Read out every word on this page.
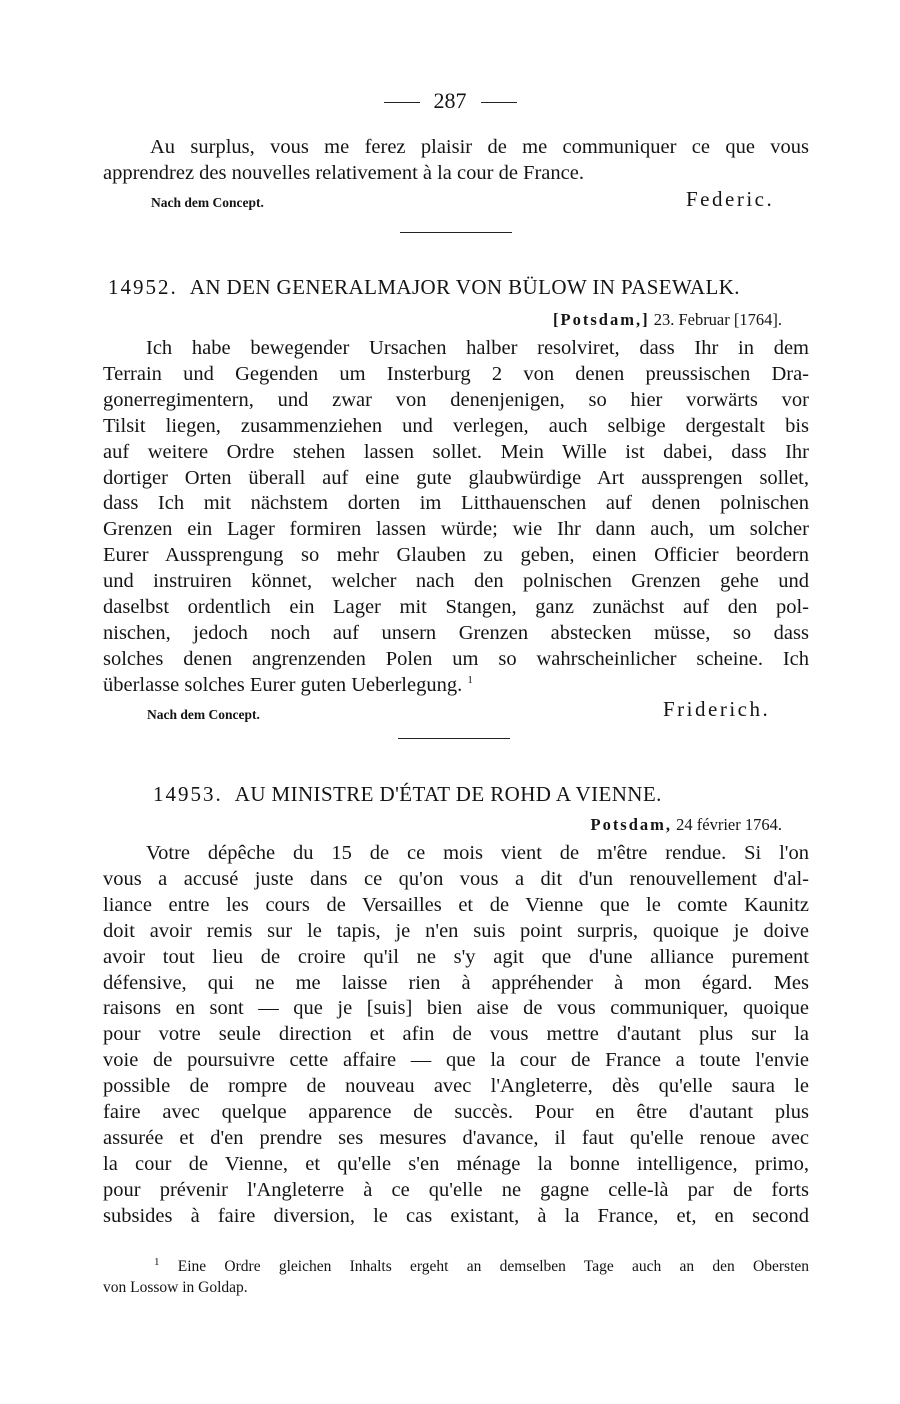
287
Au surplus, vous me ferez plaisir de me communiquer ce que vous
apprendrez des nouvelles relativement à la cour de France.
Nach dem Concept.	Federic.
14952. AN DEN GENERALMAJOR VON BÜLOW IN PASEWALK.
[Potsdam,] 23. Februar [1764].
Ich habe bewegender Ursachen halber resolviret, dass Ihr in dem
Terrain und Gegenden um Insterburg 2 von denen preussischen Dra-
gonerregimentern, und zwar von denenjenigen, so hier vorwärts vor
Tilsit liegen, zusammenziehen und verlegen, auch selbige dergestalt bis
auf weitere Ordre stehen lassen sollet. Mein Wille ist dabei, dass Ihr
dortiger Orten überall auf eine gute glaubwürdige Art aussprengen sollet,
dass Ich mit nächstem dorten im Litthauenschen auf denen polnischen
Grenzen ein Lager formiren lassen würde; wie Ihr dann auch, um solcher
Eurer Aussprengung so mehr Glauben zu geben, einen Officier beordern
und instruiren könnet, welcher nach den polnischen Grenzen gehe und
daselbst ordentlich ein Lager mit Stangen, ganz zunächst auf den pol-
nischen, jedoch noch auf unsern Grenzen abstecken müsse, so dass
solches denen angrenzenden Polen um so wahrscheinlicher scheine. Ich
überlasse solches Eurer guten Ueberlegung. $^1$
Nach dem Concept.	Friderich.
14953. AU MINISTRE D'ÉTAT DE ROHD A VIENNE.
Potsdam, 24 février 1764.
Votre dépêche du 15 de ce mois vient de m'être rendue. Si l'on
vous a accusé juste dans ce qu'on vous a dit d'un renouvellement d'al-
liance entre les cours de Versailles et de Vienne que le comte Kaunitz
doit avoir remis sur le tapis, je n'en suis point surpris, quoique je doive
avoir tout lieu de croire qu'il ne s'y agit que d'une alliance purement
défensive, qui ne me laisse rien à appréhender à mon égard. Mes
raisons en sont — que je [suis] bien aise de vous communiquer, quoique
pour votre seule direction et afin de vous mettre d'autant plus sur la
voie de poursuivre cette affaire — que la cour de France a toute l'envie
possible de rompre de nouveau avec l'Angleterre, dès qu'elle saura le
faire avec quelque apparence de succès. Pour en être d'autant plus
assurée et d'en prendre ses mesures d'avance, il faut qu'elle renoue avec
la cour de Vienne, et qu'elle s'en ménage la bonne intelligence, primo,
pour prévenir l'Angleterre à ce qu'elle ne gagne celle-là par de forts
subsides à faire diversion, le cas existant, à la France, et, en second
$^1$ Eine Ordre gleichen Inhalts ergeht an demselben Tage auch an den Obersten
von Lossow in Goldap.
